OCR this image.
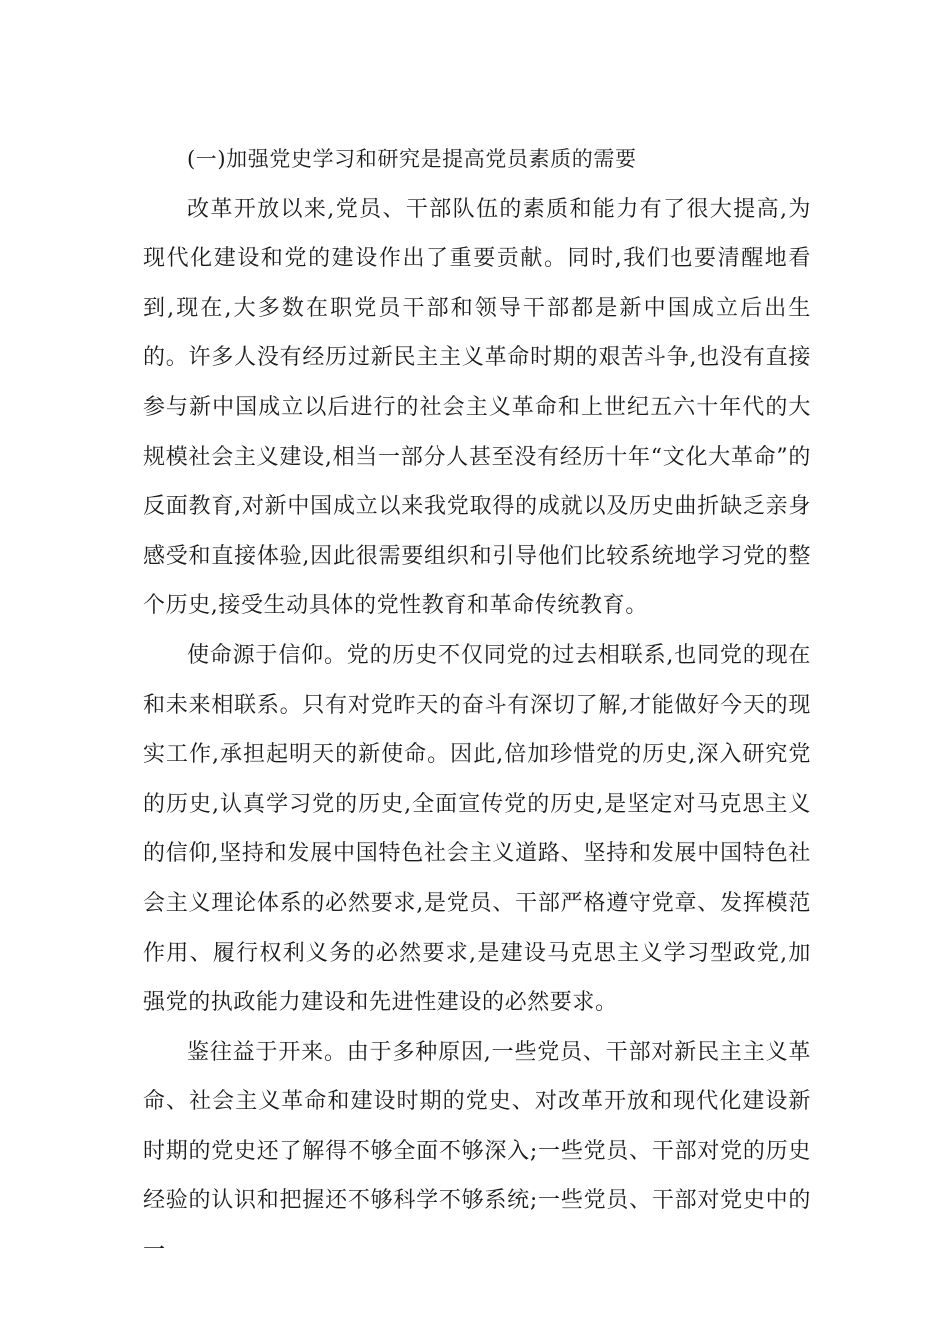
(一)加强党史学习和研究是提高党员素质的需要

改革开放以来,党员、干部队伍的素质和能力有了很大提高,为现代化建设和党的建设作出了重要贡献。同时,我们也要清醒地看到,现在,大多数在职党员干部和领导干部都是新中国成立后出生的。许多人没有经历过新民主主义革命时期的艰苦斗争,也没有直接参与新中国成立以后进行的社会主义革命和上世纪五六十年代的大规模社会主义建设,相当一部分人甚至没有经历十年“文化大革命”的反面教育,对新中国成立以来我党取得的成就以及历史曲折缺乏亲身感受和直接体验,因此很需要组织和引导他们比较系统地学习党的整个历史,接受生动具体的党性教育和革命传统教育。

使命源于信仰。党的历史不仅同党的过去相联系,也同党的现在和未来相联系。只有对党昨天的奋斗有深切了解,才能做好今天的现实工作,承担起明天的新使命。因此,倍加珍惜党的历史,深入研究党的历史,认真学习党的历史,全面宣传党的历史,是坚定对马克思主义的信仰,坚持和发展中国特色社会主义道路、坚持和发展中国特色社会主义理论体系的必然要求,是党员、干部严格遵守党章、发挥模范作用、履行权利义务的必然要求,是建设马克思主义学习型政党,加强党的执政能力建设和先进性建设的必然要求。

鉴往益于开来。由于多种原因,一些党员、干部对新民主主义革命、社会主义革命和建设时期的党史、对改革开放和现代化建设新时期的党史还了解得不够全面不够深入;一些党员、干部对党的历史经验的认识和把握还不够科学不够系统;一些党员、干部对党史中的一
